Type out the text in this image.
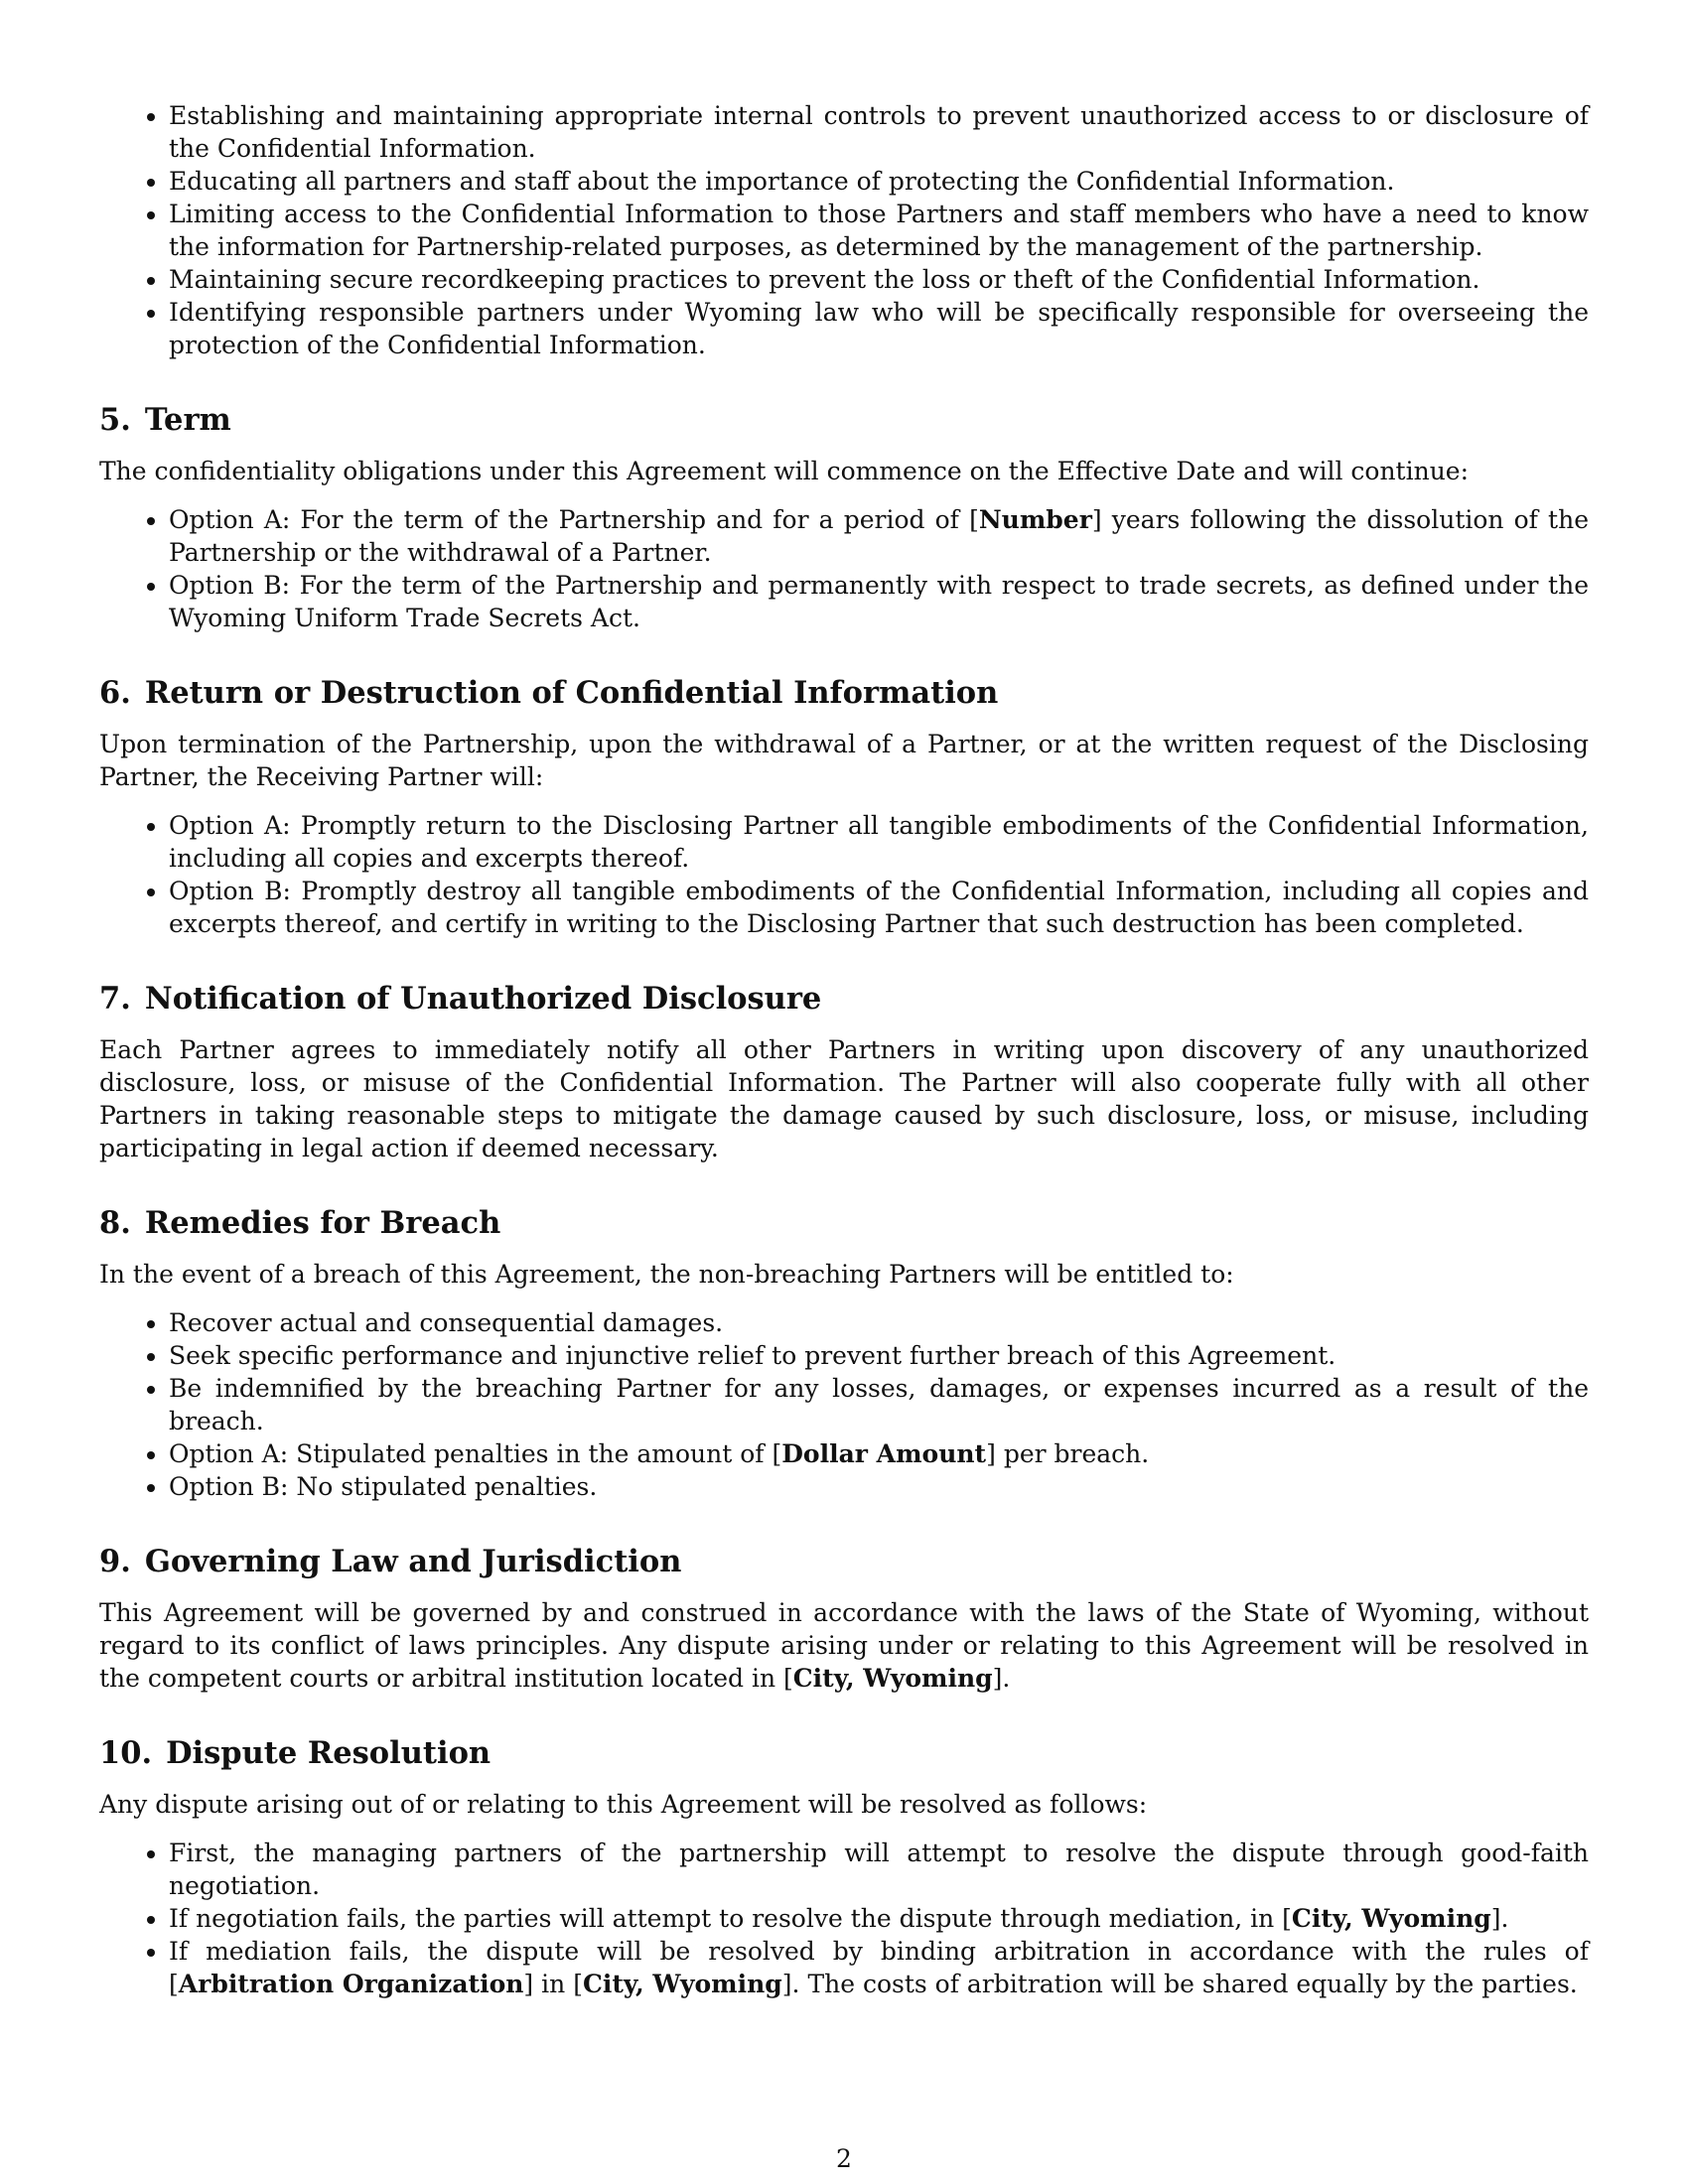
• Establishing and maintaining appropriate internal controls to prevent unauthorized access to or disclosure of the Confidential Information.
• Educating all partners and staff about the importance of protecting the Confidential Information.
• Limiting access to the Confidential Information to those Partners and staff members who have a need to know the information for Partnership-related purposes, as determined by the management of the partnership.
• Maintaining secure recordkeeping practices to prevent the loss or theft of the Confidential Information.
• Identifying responsible partners under Wyoming law who will be specifically responsible for overseeing the protection of the Confidential Information.
5. Term

The confidentiality obligations under this Agreement will commence on the Effective Date and will continue:

• Option A: For the term of the Partnership and for a period of [Number] years following the dissolution of the Partnership or the withdrawal of a Partner.
• Option B: For the term of the Partnership and permanently with respect to trade secrets, as defined under the Wyoming Uniform Trade Secrets Act.
6. Return or Destruction of Confidential Information

Upon termination of the Partnership, upon the withdrawal of a Partner, or at the written request of the Disclosing Partner, the Receiving Partner will:

• Option A: Promptly return to the Disclosing Partner all tangible embodiments of the Confidential Information, including all copies and excerpts thereof.
• Option B: Promptly destroy all tangible embodiments of the Confidential Information, including all copies and excerpts thereof, and certify in writing to the Disclosing Partner that such destruction has been completed.
7. Notification of Unauthorized Disclosure

Each Partner agrees to immediately notify all other Partners in writing upon discovery of any unauthorized disclosure, loss, or misuse of the Confidential Information. The Partner will also cooperate fully with all other Partners in taking reasonable steps to mitigate the damage caused by such disclosure, loss, or misuse, including participating in legal action if deemed necessary.

8. Remedies for Breach

In the event of a breach of this Agreement, the non-breaching Partners will be entitled to:

• Recover actual and consequential damages.
• Seek specific performance and injunctive relief to prevent further breach of this Agreement.
• Be indemnified by the breaching Partner for any losses, damages, or expenses incurred as a result of the breach.
• Option A: Stipulated penalties in the amount of [Dollar Amount] per breach.
• Option B: No stipulated penalties.
9. Governing Law and Jurisdiction

This Agreement will be governed by and construed in accordance with the laws of the State of Wyoming, without regard to its conflict of laws principles. Any dispute arising under or relating to this Agreement will be resolved in the competent courts or arbitral institution located in [City, Wyoming].

10. Dispute Resolution

Any dispute arising out of or relating to this Agreement will be resolved as follows:

• First, the managing partners of the partnership will attempt to resolve the dispute through good-faith negotiation.
• If negotiation fails, the parties will attempt to resolve the dispute through mediation, in [City, Wyoming].
• If mediation fails, the dispute will be resolved by binding arbitration in accordance with the rules of [Arbitration Organization] in [City, Wyoming]. The costs of arbitration will be shared equally by the parties.
2
